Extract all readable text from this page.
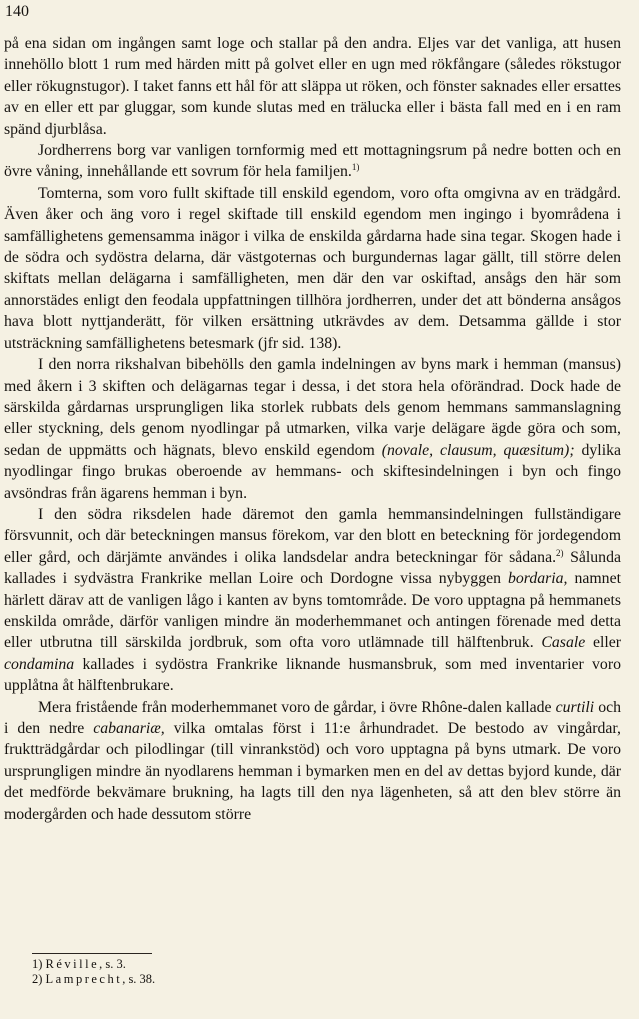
140

på ena sidan om ingången samt loge och stallar på den andra. Eljes var det vanliga, att husen innehöllo blott 1 rum med härden mitt på golvet eller en ugn med rökfångare (således rökstugor eller rökugnstugor). I taket fanns ett hål för att släppa ut röken, och fönster saknades eller ersattes av en eller ett par gluggar, som kunde slutas med en trälucka eller i bästa fall med en i en ram spänd djurblåsa.

Jordherrens borg var vanligen tornformig med ett mottagningsrum på nedre botten och en övre våning, innehållande ett sovrum för hela familjen.$^{1)}$

Tomterna, som voro fullt skiftade till enskild egendom, voro ofta omgivna av en trädgård. Även åker och äng voro i regel skiftade till enskild egendom men ingingo i byområdena i samfällighetens gemensamma inägor i vilka de enskilda gårdarna hade sina tegar. Skogen hade i de södra och sydöstra delarna, där västgoternas och burgundernas lagar gällt, till större delen skiftats mellan delägarna i samfälligheten, men där den var oskiftad, ansågs den här som annorstädes enligt den feodala uppfattningen tillhöra jordherren, under det att bönderna ansågos hava blott nyttjanderätt, för vilken ersättning utkrävdes av dem. Detsamma gällde i stor utsträckning samfällighetens betesmark (jfr sid. 138).

I den norra rikshalvan bibehölls den gamla indelningen av byns mark i hemman (mansus) med åkern i 3 skiften och delägarnas tegar i dessa, i det stora hela oförändrad. Dock hade de särskilda gårdarnas ursprungligen lika storlek rubbats dels genom hemmans sammanslagning eller styckning, dels genom nyodlingar på utmarken, vilka varje delägare ägde göra och som, sedan de uppmätts och hägnats, blevo enskild egendom (novale, clausum, quæsitum); dylika nyodlingar fingo brukas oberoende av hemmans- och skiftesindelningen i byn och fingo avsöndras från ägarens hemman i byn.

I den södra riksdelen hade däremot den gamla hemmansindelningen fullständigare försvunnit, och där beteckningen mansus förekom, var den blott en beteckning för jordegendom eller gård, och därjämte användes i olika landsdelar andra beteckningar för sådana.$^{2)}$ Sålunda kallades i sydvästra Frankrike mellan Loire och Dordogne vissa nybyggen bordaria, namnet härlett därav att de vanligen lågo i kanten av byns tomtområde. De voro upptagna på hemmanets enskilda område, därför vanligen mindre än moderhemmanet och antingen förenade med detta eller utbrutna till särskilda jordbruk, som ofta voro utlämnade till hälftenbruk. Casale eller condamina kallades i sydöstra Frankrike liknande husmansbruk, som med inventarier voro upplåtna åt hälftenbrukare.

Mera fristående från moderhemmanet voro de gårdar, i övre Rhône-dalen kallade curtili och i den nedre cabanariæ, vilka omtalas först i 11:e århundradet. De bestodo av vingårdar, fruktträdgårdar och pilodlingar (till vinrankstöd) och voro upptagna på byns utmark. De voro ursprungligen mindre än nyodlarens hemman i bymarken men en del av dettas byjord kunde, där det medförde bekvämare brukning, ha lagts till den nya lägenheten, så att den blev större än modergården och hade dessutom större

1) Réville, s. 3.
2) Lamprecht, s. 38.
